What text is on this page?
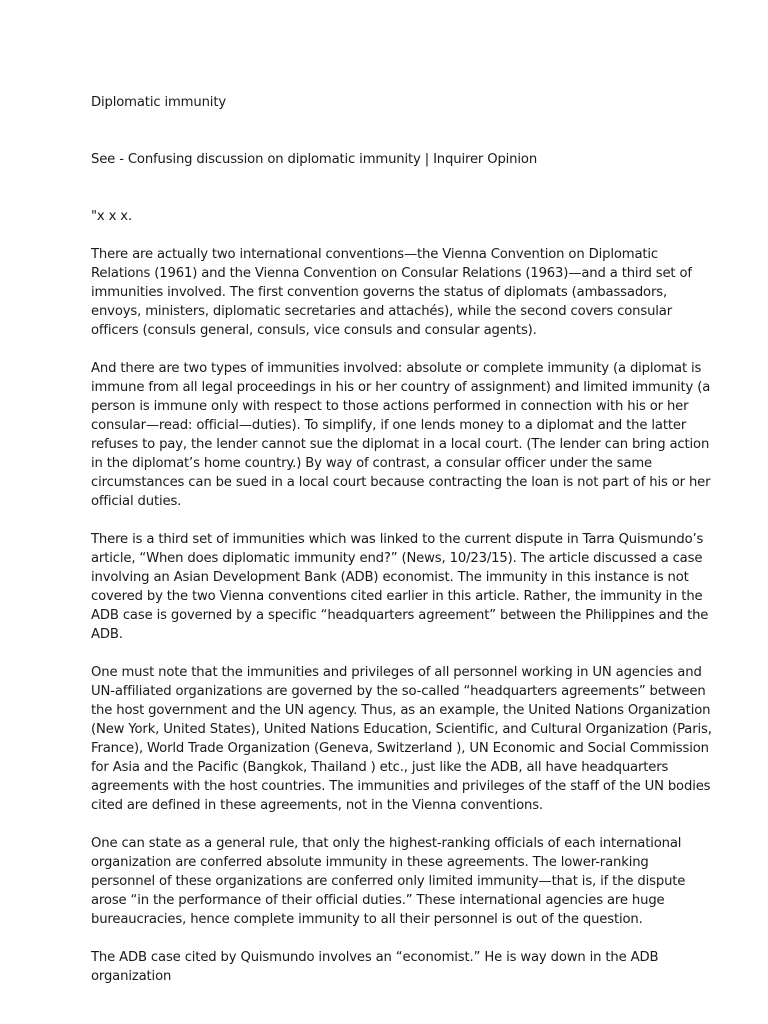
Diplomatic immunity

See - Confusing discussion on diplomatic immunity | Inquirer Opinion

"x x x.

There are actually two international conventions—the Vienna Convention on Diplomatic Relations (1961) and the Vienna Convention on Consular Relations (1963)—and a third set of immunities involved. The first convention governs the status of diplomats (ambassadors, envoys, ministers, diplomatic secretaries and attachés), while the second covers consular officers (consuls general, consuls, vice consuls and consular agents).

And there are two types of immunities involved: absolute or complete immunity (a diplomat is immune from all legal proceedings in his or her country of assignment) and limited immunity (a person is immune only with respect to those actions performed in connection with his or her consular—read: official—duties). To simplify, if one lends money to a diplomat and the latter refuses to pay, the lender cannot sue the diplomat in a local court. (The lender can bring action in the diplomat’s home country.) By way of contrast, a consular officer under the same circumstances can be sued in a local court because contracting the loan is not part of his or her official duties.

There is a third set of immunities which was linked to the current dispute in Tarra Quismundo’s article, “When does diplomatic immunity end?” (News, 10/23/15). The article discussed a case involving an Asian Development Bank (ADB) economist. The immunity in this instance is not covered by the two Vienna conventions cited earlier in this article. Rather, the immunity in the ADB case is governed by a specific “headquarters agreement” between the Philippines and the ADB.

One must note that the immunities and privileges of all personnel working in UN agencies and UN-affiliated organizations are governed by the so-called “headquarters agreements” between the host government and the UN agency. Thus, as an example, the United Nations Organization (New York, United States), United Nations Education, Scientific, and Cultural Organization (Paris, France), World Trade Organization (Geneva, Switzerland ), UN Economic and Social Commission for Asia and the Pacific (Bangkok, Thailand ) etc., just like the ADB, all have headquarters agreements with the host countries. The immunities and privileges of the staff of the UN bodies cited are defined in these agreements, not in the Vienna conventions.

One can state as a general rule, that only the highest-ranking officials of each international organization are conferred absolute immunity in these agreements. The lower-ranking personnel of these organizations are conferred only limited immunity—that is, if the dispute arose “in the performance of their official duties.” These international agencies are huge bureaucracies, hence complete immunity to all their personnel is out of the question.

The ADB case cited by Quismundo involves an “economist.” He is way down in the ADB organization
